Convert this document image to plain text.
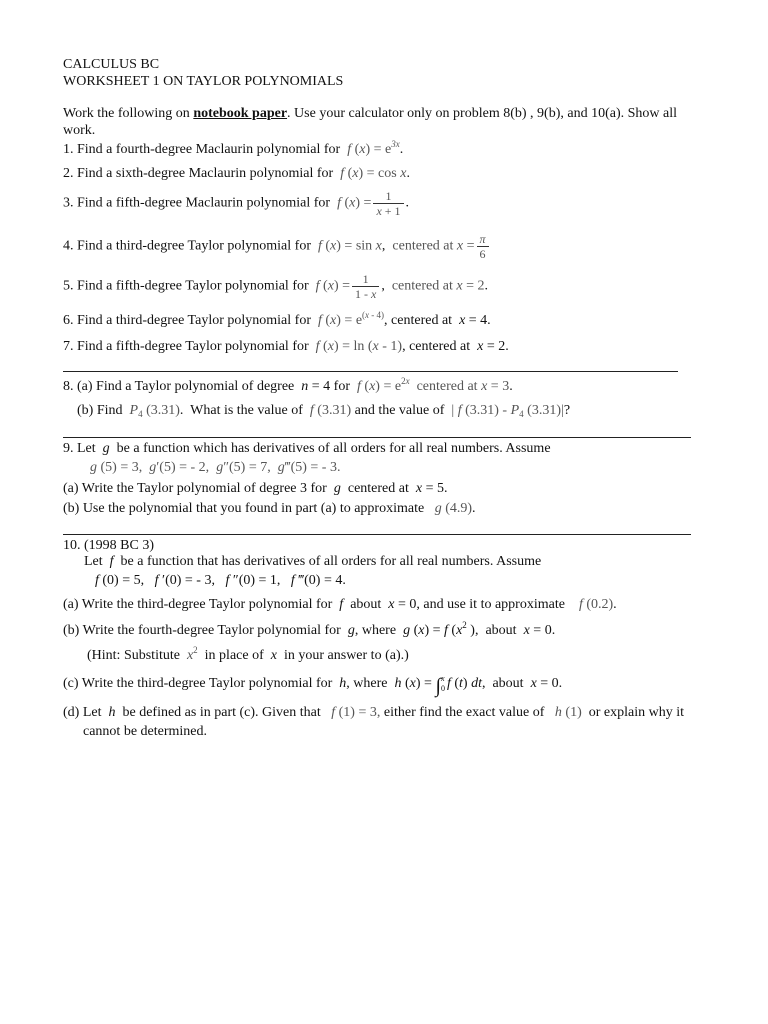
CALCULUS BC
WORKSHEET 1 ON TAYLOR POLYNOMIALS
Work the following on notebook paper. Use your calculator only on problem 8(b) , 9(b), and 10(a). Show all
work.
1. Find a fourth-degree Maclaurin polynomial for  f $(x) = e^{3x}$.
2. Find a sixth-degree Maclaurin polynomial for  f (x) = cos x.
3. Find a fifth-degree Maclaurin polynomial for  f $(x) = \frac{1}{x + 1}$ .
4. Find a third-degree Taylor polynomial for  f (x) = sin x,  centered at $x = \frac{\pi}{6}$
5. Find a fifth-degree Taylor polynomial for  f $(x) = \frac{1}{1 - x}$ ,  centered at x = 2.
6. Find a third-degree Taylor polynomial for  f $(x) = e^{(x - 4)}$, centered at x = 4.
7. Find a fifth-degree Taylor polynomial for  f (x) = ln (x - 1), centered at x = 2.
8. (a) Find a Taylor polynomial of degree n = 4 for  f $(x) = e^{2x}$ centered at x = 3.
(b) Find $P_4$ (3.31).  What is the value of  f (3.31) and the value of  | f $(3.31) - P_4$ (3.31)|?
9. Let  g  be a function which has derivatives of all orders for all real numbers. Assume
g (5) = 3,  g′(5) = - 2,  g″(5) = 7,  g‴(5) = - 3.
(a) Write the Taylor polynomial of degree 3 for  g  centered at x = 5.
(b) Use the polynomial that you found in part (a) to approximate g (4.9).
10. (1998 BC 3)
Let  f  be a function that has derivatives of all orders for all real numbers. Assume
f (0) = 5,   f ′(0) = - 3,   f ″(0) = 1,   f ‴(0) = 4.
(a) Write the third-degree Taylor polynomial for  f  about x = 0, and use it to approximate f (0.2).
(b) Write the fourth-degree Taylor polynomial for g, where g (x) = f ($x^2$ ),  about x = 0.
(Hint: Substitute  $x^2$ in place of x in your answer to (a).)
(c) Write the third-degree Taylor polynomial for h, where h (x) = ∫x
0 f (t) dt,  about x = 0.
(d) Let  h  be defined as in part (c). Given that f (1) = 3, either find the exact value of h (1) or explain why it
cannot be determined.
